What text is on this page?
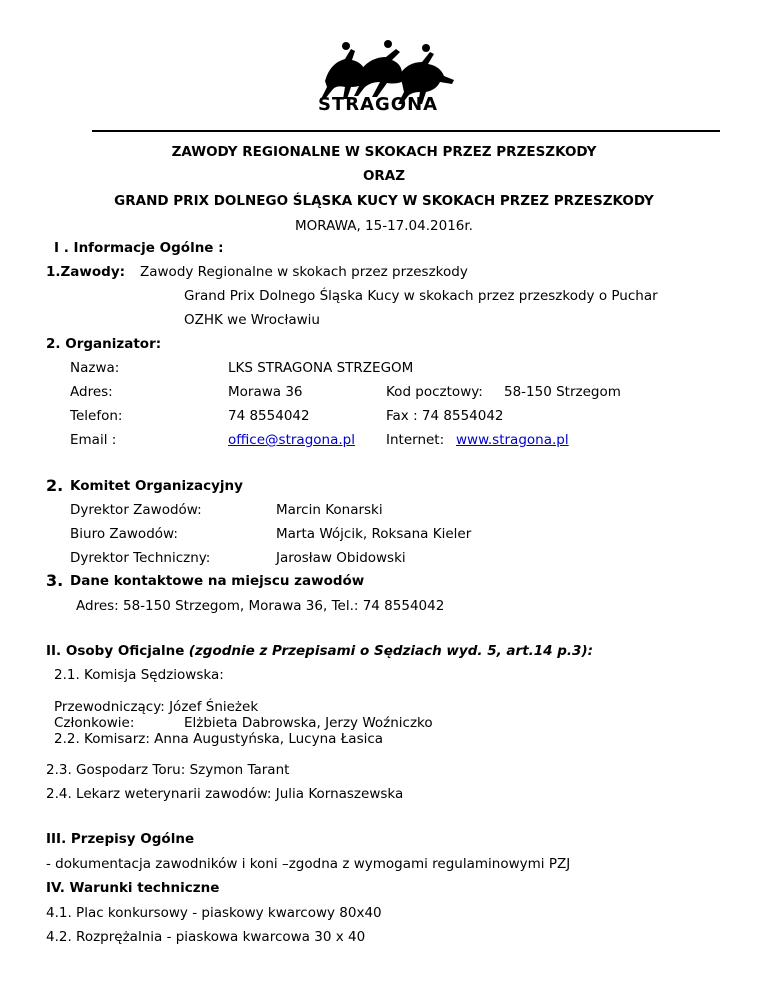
STRAGONA
ZAWODY REGIONALNE W SKOKACH PRZEZ PRZESZKODY
ORAZ
GRAND PRIX DOLNEGO ŚLĄSKA KUCY W SKOKACH PRZEZ PRZESZKODY
MORAWA, 15-17.04.2016r.
I . Informacje Ogólne :
1.Zawody: Zawody Regionalne w skokach przez przeszkody
Grand Prix Dolnego Śląska Kucy w skokach przez przeszkody o Puchar
OZHK we Wrocławiu
2. Organizator:
Nazwa:	LKS STRAGONA STRZEGOM
Adres:	Morawa 36	Kod pocztowy: 58-150 Strzegom
Telefon:	74 8554042	Fax : 74 8554042
Email :	office@stragona.pl Internet: www.stragona.pl
2. Komitet Organizacyjny
Dyrektor Zawodów:	Marcin Konarski
Biuro Zawodów:	Marta Wójcik, Roksana Kieler
Dyrektor Techniczny:	Jarosław Obidowski
3. Dane kontaktowe na miejscu zawodów
Adres: 58-150 Strzegom, Morawa 36, Tel.: 74 8554042
II. Osoby Oficjalne (zgodnie z Przepisami o Sędziach wyd. 5, art.14 p.3):
2.1. Komisja Sędziowska:
Przewodniczący: Józef Śnieżek
Członkowie:	Elżbieta Dabrowska, Jerzy Woźniczko
2.2. Komisarz: Anna Augustyńska, Lucyna Łasica
2.3. Gospodarz Toru: Szymon Tarant
2.4. Lekarz weterynarii zawodów: Julia Kornaszewska
III. Przepisy Ogólne
- dokumentacja zawodników i koni –zgodna z wymogami regulaminowymi PZJ
IV. Warunki techniczne
4.1. Plac konkursowy - piaskowy kwarcowy 80x40
4.2. Rozprężalnia - piaskowa kwarcowa 30 x 40
